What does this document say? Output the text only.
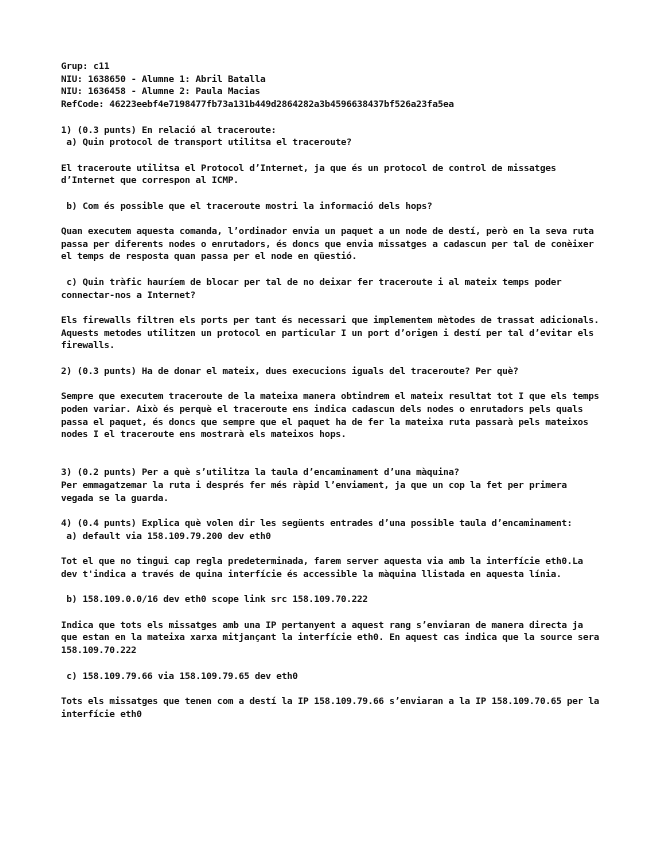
Grup: c11
NIU: 1638650 - Alumne 1: Abril Batalla
NIU: 1636458 - Alumne 2: Paula Macias
RefCode: 46223eebf4e7198477fb73a131b449d2864282a3b4596638437bf526a23fa5ea
1) (0.3 punts) En relació al traceroute:
a) Quin protocol de transport utilitsa el traceroute?
El traceroute utilitsa el Protocol d’Internet, ja que és un protocol de control de missatges d’Internet que correspon al ICMP.
b) Com és possible que el traceroute mostri la informació dels hops?
Quan executem aquesta comanda, l’ordinador envia un paquet a un node de destí, però en la seva ruta passa per diferents nodes o enrutadors, és doncs que envia missatges a cadascun per tal de conèixer el temps de resposta quan passa per el node en qüestió.
c) Quin tràfic hauríem de blocar per tal de no deixar fer traceroute i al mateix temps poder connectar-nos a Internet?
Els firewalls filtren els ports per tant és necessari que implementem mètodes de trassat adicionals. Aquests metodes utilitzen un protocol en particular I un port d’origen i destí per tal d’evitar els firewalls.
2) (0.3 punts) Ha de donar el mateix, dues execucions iguals del traceroute? Per què?
Sempre que executem traceroute de la mateixa manera obtindrem el mateix resultat tot I que els temps poden variar. Això és perquè el traceroute ens indica cadascun dels nodes o enrutadors pels quals passa el paquet, és doncs que sempre que el paquet ha de fer la mateixa ruta passarà pels mateixos nodes I el traceroute ens mostrarà els mateixos hops.
3) (0.2 punts) Per a què s’utilitza la taula d’encaminament d’una màquina?
Per emmagatzemar la ruta i després fer més ràpid l’enviament, ja que un cop la fet per primera vegada se la guarda.
4) (0.4 punts) Explica què volen dir les següents entrades d’una possible taula d’encaminament:
a) default via 158.109.79.200 dev eth0
Tot el que no tingui cap regla predeterminada, farem server aquesta via amb la interfície eth0.La dev t'indica a través de quina interfície és accessible la màquina llistada en aquesta línia.
b) 158.109.0.0/16 dev eth0 scope link src 158.109.70.222
Indica que tots els missatges amb una IP pertanyent a aquest rang s’enviaran de manera directa ja que estan en la mateixa xarxa mitjançant la interfície eth0. En aquest cas indica que la source sera 158.109.70.222
c) 158.109.79.66 via 158.109.79.65 dev eth0
Tots els missatges que tenen com a destí la IP 158.109.79.66 s’enviaran a la IP 158.109.70.65 per la interfície eth0
